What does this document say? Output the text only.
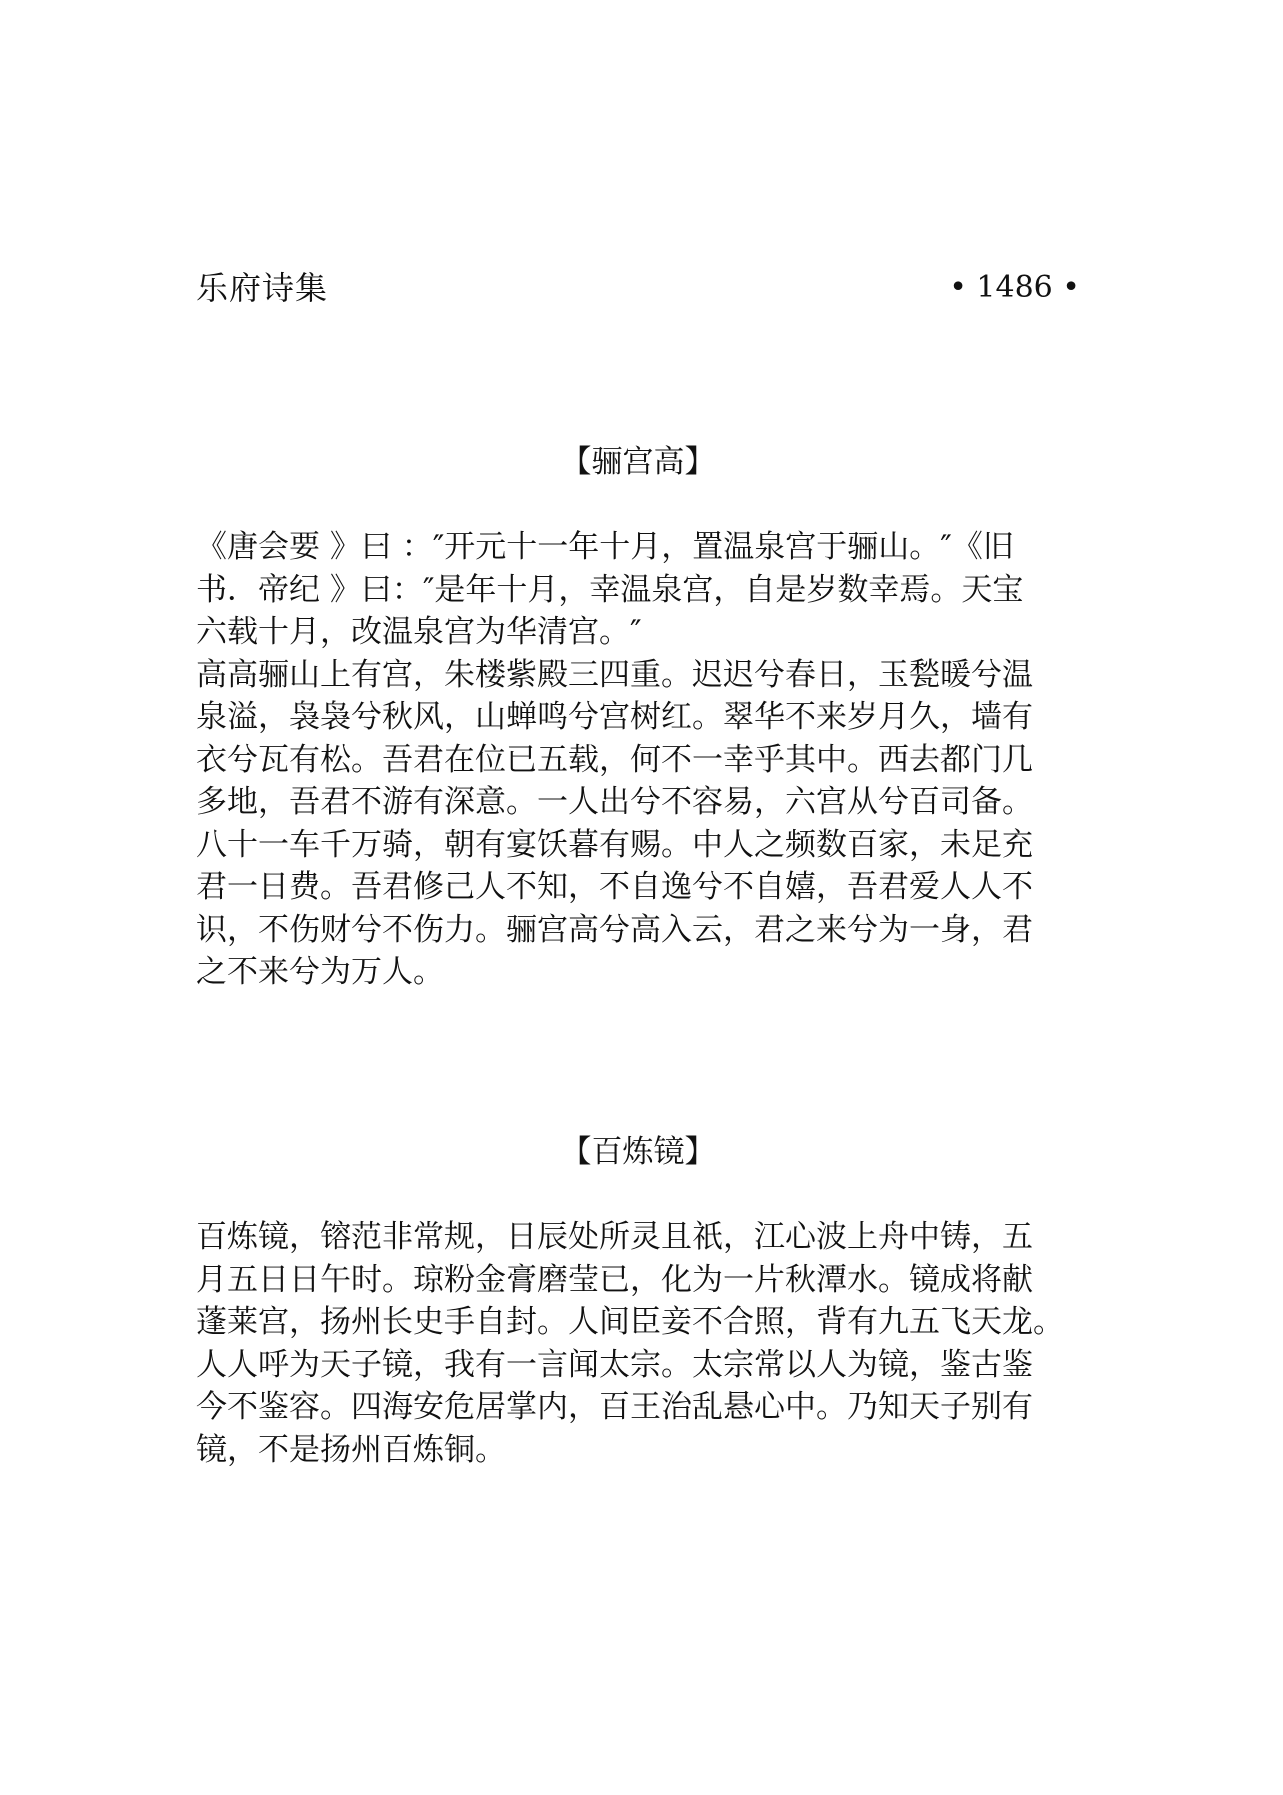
乐府诗集	• 1486 •
【骊宫高】
《唐会要 》曰 ：″开元十一年十月，置温泉宫于骊山。″《旧
书．帝纪 》曰：″是年十月，幸温泉宫，自是岁数幸焉。天宝
六载十月，改温泉宫为华清宫。″
高高骊山上有宫，朱楼紫殿三四重。迟迟兮春日，玉甃暖兮温
泉溢，袅袅兮秋风，山蝉鸣兮宫树红。翠华不来岁月久，墙有
衣兮瓦有松。吾君在位已五载，何不一幸乎其中。西去都门几
多地，吾君不游有深意。一人出兮不容易，六宫从兮百司备。
八十一车千万骑，朝有宴饫暮有赐。中人之频数百家，未足充
君一日费。吾君修己人不知，不自逸兮不自嬉，吾君爱人人不
识，不伤财兮不伤力。骊宫高兮高入云，君之来兮为一身，君
之不来兮为万人。
【百炼镜】
百炼镜，镕范非常规，日辰处所灵且祇，江心波上舟中铸，五
月五日日午时。琼粉金膏磨莹已，化为一片秋潭水。镜成将献
蓬莱宫，扬州长史手自封。人间臣妾不合照，背有九五飞天龙。
人人呼为天子镜，我有一言闻太宗。太宗常以人为镜，鉴古鉴
今不鉴容。四海安危居掌内，百王治乱悬心中。乃知天子别有
镜，不是扬州百炼铜。
